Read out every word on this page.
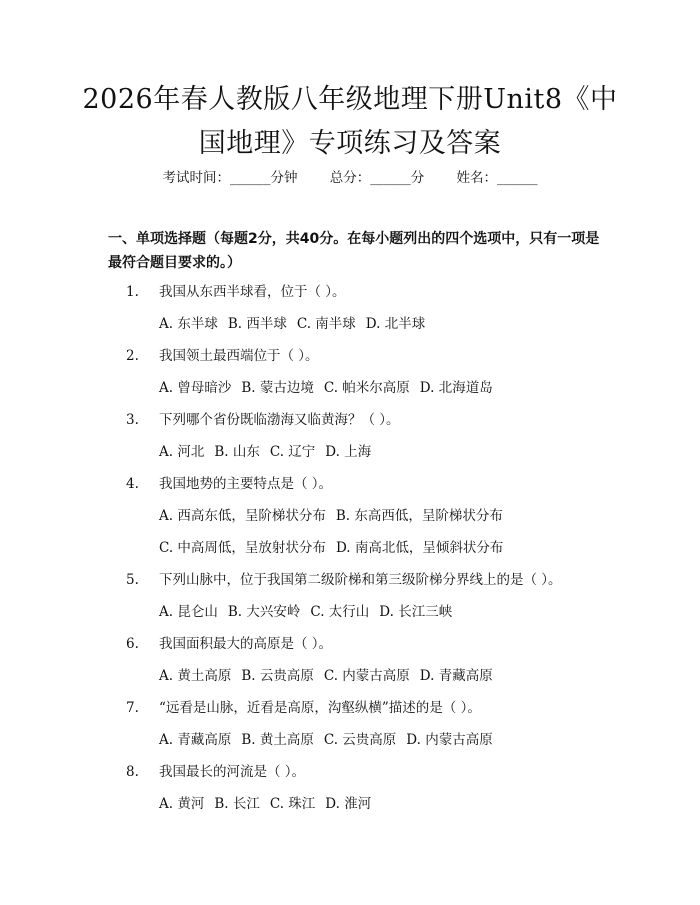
2026年春人教版八年级地理下册Unit8《中
国地理》专项练习及答案
考试时间：______分钟 总分：______分 姓名：______
一、单项选择题（每题2分，共40分。在每小题列出的四个选项中，只有一项是最符合题目要求的。）
1. 我国从东西半球看，位于（ ）。
A. 东半球 B. 西半球 C. 南半球 D. 北半球
2. 我国领土最西端位于（ ）。
A. 曾母暗沙 B. 蒙古边境 C. 帕米尔高原 D. 北海道岛
3. 下列哪个省份既临渤海又临黄海？（ ）。
A. 河北 B. 山东 C. 辽宁 D. 上海
4. 我国地势的主要特点是（ ）。
A. 西高东低，呈阶梯状分布 B. 东高西低，呈阶梯状分布
C. 中高周低，呈放射状分布 D. 南高北低，呈倾斜状分布
5. 下列山脉中，位于我国第二级阶梯和第三级阶梯分界线上的是（ ）。
A. 昆仑山 B. 大兴安岭 C. 太行山 D. 长江三峡
6. 我国面积最大的高原是（ ）。
A. 黄土高原 B. 云贵高原 C. 内蒙古高原 D. 青藏高原
7. “远看是山脉，近看是高原，沟壑纵横”描述的是（ ）。
A. 青藏高原 B. 黄土高原 C. 云贵高原 D. 内蒙古高原
8. 我国最长的河流是（ ）。
A. 黄河 B. 长江 C. 珠江 D. 淮河
